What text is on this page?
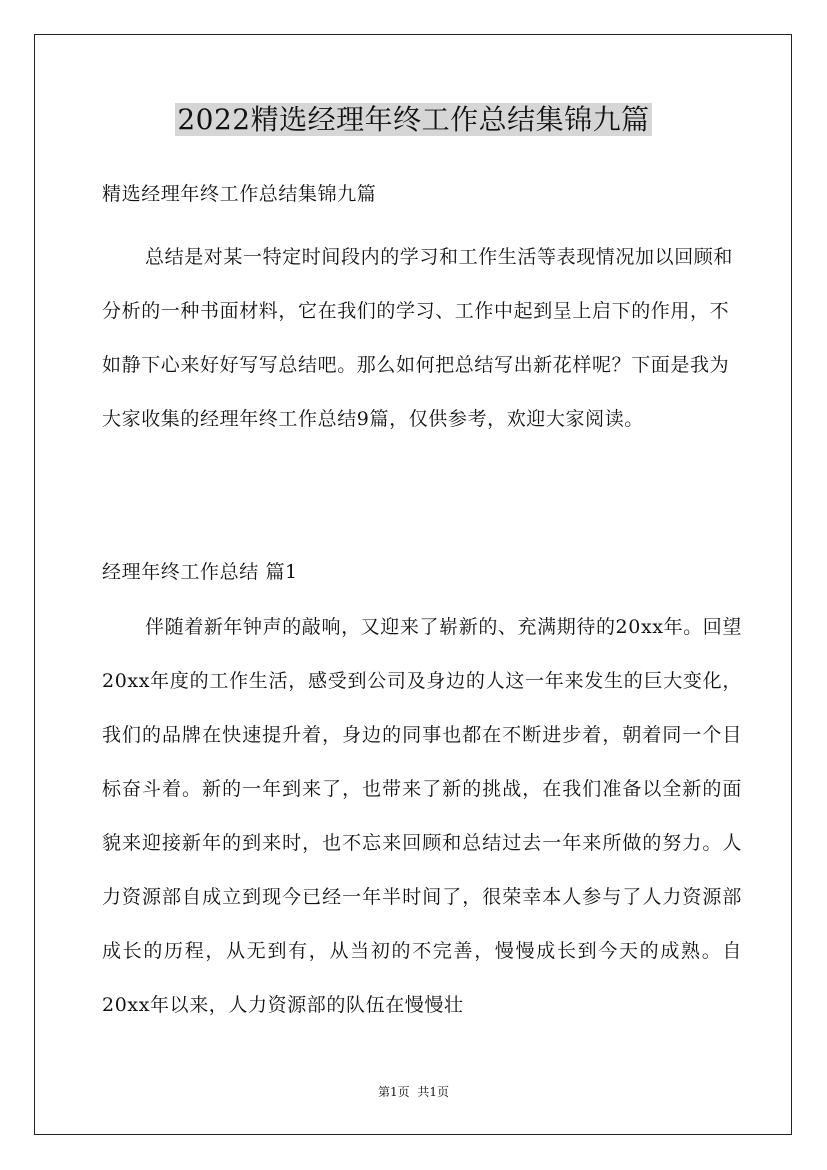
2022精选经理年终工作总结集锦九篇
精选经理年终工作总结集锦九篇
总结是对某一特定时间段内的学习和工作生活等表现情况加以回顾和分析的一种书面材料，它在我们的学习、工作中起到呈上启下的作用，不如静下心来好好写写总结吧。那么如何把总结写出新花样呢？下面是我为大家收集的经理年终工作总结9篇，仅供参考，欢迎大家阅读。
经理年终工作总结 篇1
伴随着新年钟声的敲响，又迎来了崭新的、充满期待的20xx年。回望20xx年度的工作生活，感受到公司及身边的人这一年来发生的巨大变化，我们的品牌在快速提升着，身边的同事也都在不断进步着，朝着同一个目标奋斗着。新的一年到来了，也带来了新的挑战，在我们准备以全新的面貌来迎接新年的到来时，也不忘来回顾和总结过去一年来所做的努力。人力资源部自成立到现今已经一年半时间了，很荣幸本人参与了人力资源部成长的历程，从无到有，从当初的不完善，慢慢成长到今天的成熟。自20xx年以来，人力资源部的队伍在慢慢壮
第1页 共1页
